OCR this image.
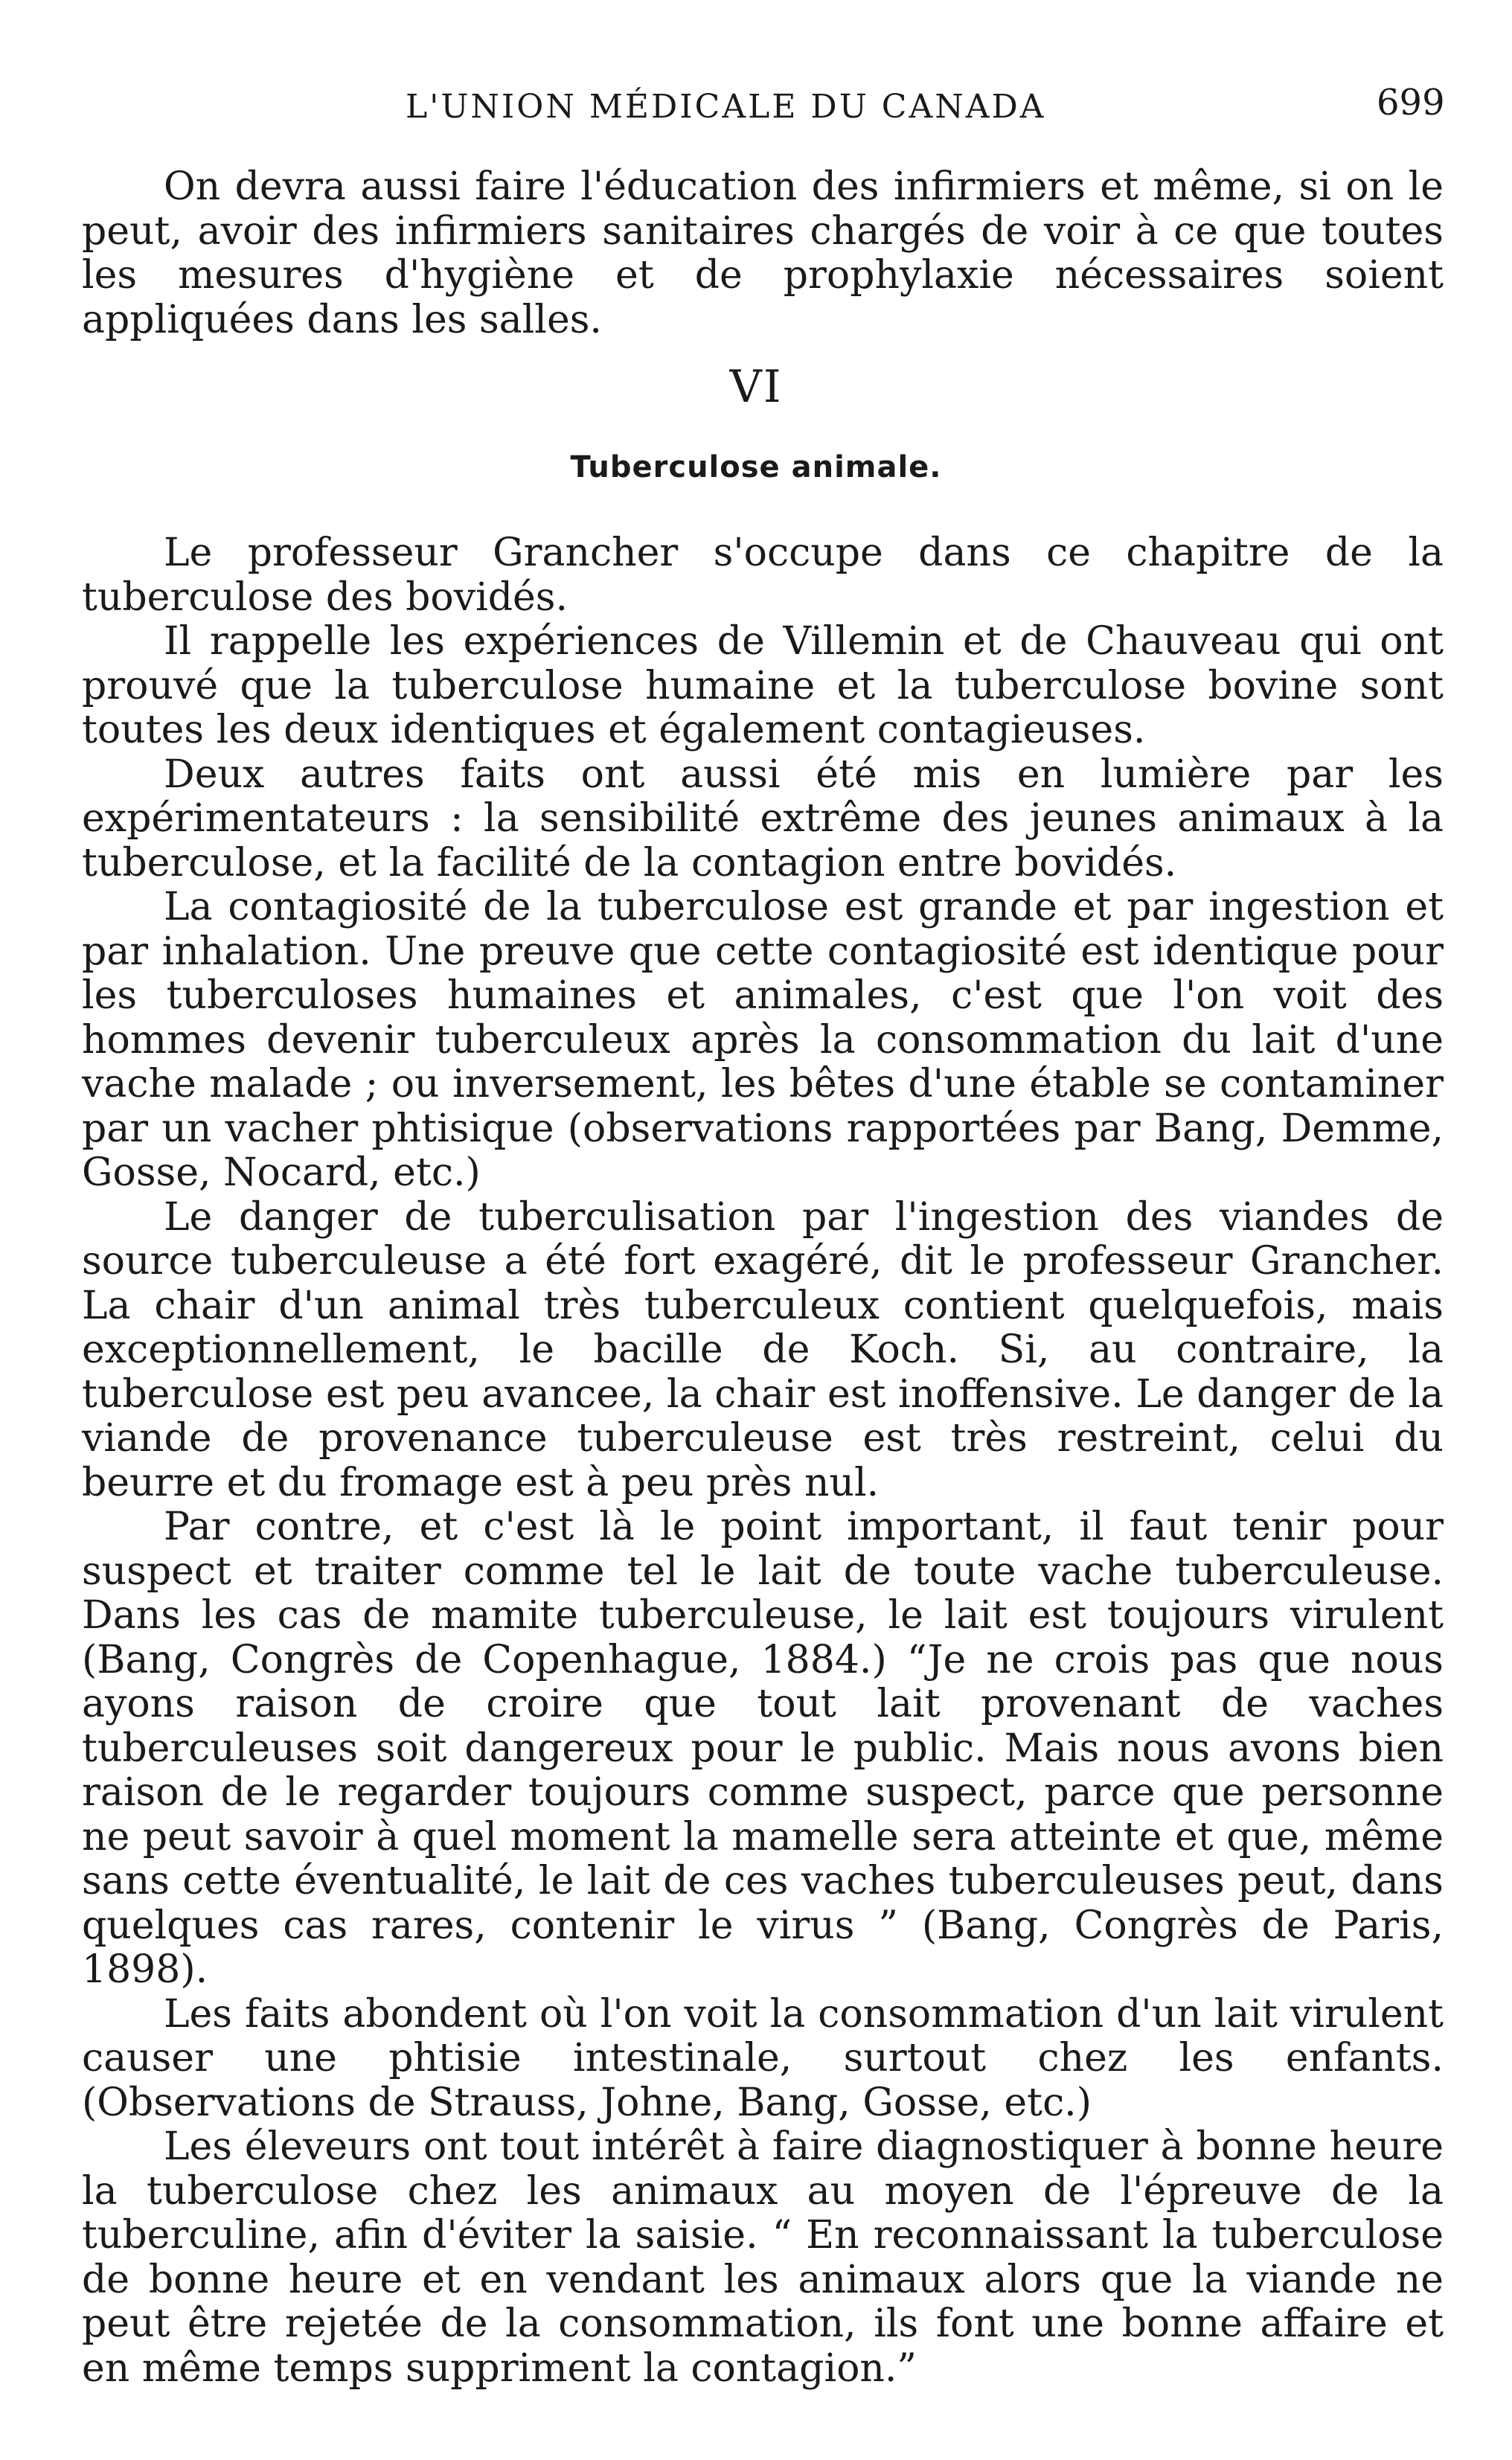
L'UNION MÉDICALE DU CANADA	699

On devra aussi faire l'éducation des infirmiers et même, si on le peut, avoir des infirmiers sanitaires chargés de voir à ce que toutes les mesures d'hygiène et de prophylaxie nécessaires soient appliquées dans les salles.

VI
Tuberculose animale.

Le professeur Grancher s'occupe dans ce chapitre de la tuberculose des bovidés.

Il rappelle les expériences de Villemin et de Chauveau qui ont prouvé que la tuberculose humaine et la tuberculose bovine sont toutes les deux identiques et également contagieuses.

Deux autres faits ont aussi été mis en lumière par les expérimentateurs : la sensibilité extrême des jeunes animaux à la tuberculose, et la facilité de la contagion entre bovidés.

La contagiosité de la tuberculose est grande et par ingestion et par inhalation. Une preuve que cette contagiosité est identique pour les tuberculoses humaines et animales, c'est que l'on voit des hommes devenir tuberculeux après la consommation du lait d'une vache malade ; ou inversement, les bêtes d'une étable se contaminer par un vacher phtisique (observations rapportées par Bang, Demme, Gosse, Nocard, etc.)

Le danger de tuberculisation par l'ingestion des viandes de source tuberculeuse a été fort exagéré, dit le professeur Grancher. La chair d'un animal très tuberculeux contient quelquefois, mais exceptionnellement, le bacille de Koch. Si, au contraire, la tuberculose est peu avancee, la chair est inoffensive. Le danger de la viande de provenance tuberculeuse est très restreint, celui du beurre et du fromage est à peu près nul.

Par contre, et c'est là le point important, il faut tenir pour suspect et traiter comme tel le lait de toute vache tuberculeuse. Dans les cas de mamite tuberculeuse, le lait est toujours virulent (Bang, Congrès de Copenhague, 1884.) “Je ne crois pas que nous ayons raison de croire que tout lait provenant de vaches tuberculeuses soit dangereux pour le public. Mais nous avons bien raison de le regarder toujours comme suspect, parce que personne ne peut savoir à quel moment la mamelle sera atteinte et que, même sans cette éventualité, le lait de ces vaches tuberculeuses peut, dans quelques cas rares, contenir le virus ” (Bang, Congrès de Paris, 1898).

Les faits abondent où l'on voit la consommation d'un lait virulent causer une phtisie intestinale, surtout chez les enfants. (Observations de Strauss, Johne, Bang, Gosse, etc.)

Les éleveurs ont tout intérêt à faire diagnostiquer à bonne heure la tuberculose chez les animaux au moyen de l'épreuve de la tuberculine, afin d'éviter la saisie. “ En reconnaissant la tuberculose de bonne heure et en vendant les animaux alors que la viande ne peut être rejetée de la consommation, ils font une bonne affaire et en même temps suppriment la contagion.”
